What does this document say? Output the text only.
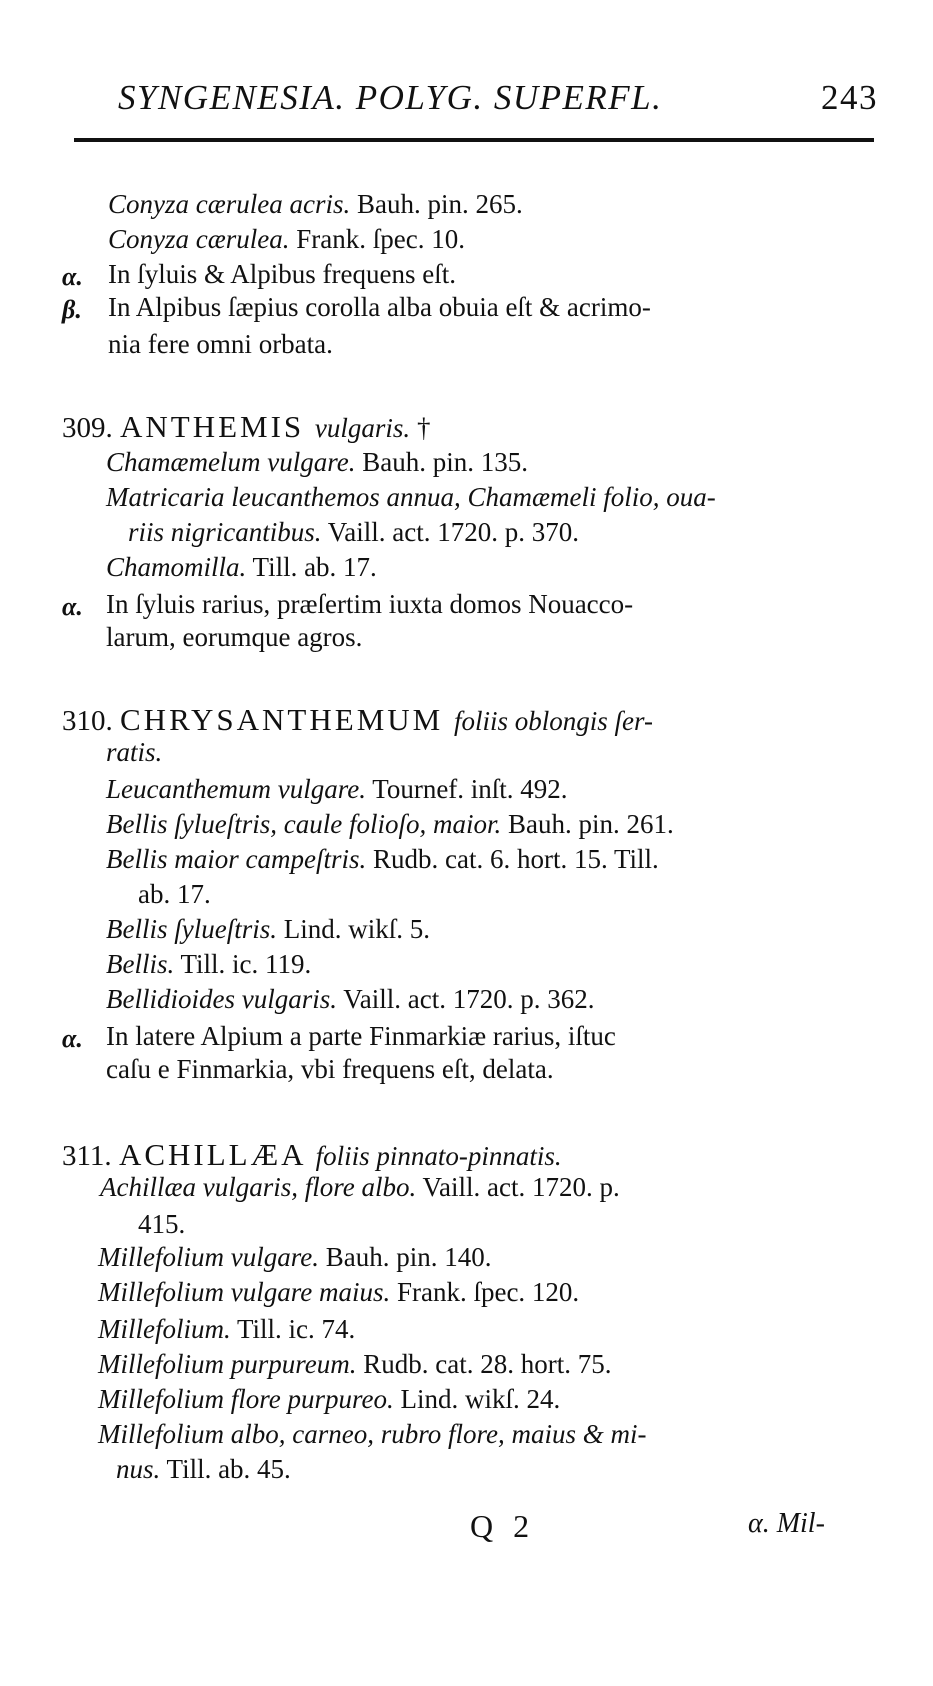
SYNGENESIA. POLYG. SUPERFL.	243
Conyza cærulea acris. Bauh. pin. 265.
Conyza cærulea. Frank. ſpec. 10.
α. In ſyluis & Alpibus frequens eſt.
β. In Alpibus ſæpius corolla alba obuia eſt & acrimo-
nia fere omni orbata.
309. ANTHEMIS vulgaris. †
Chamæmelum vulgare. Bauh. pin. 135.
Matricaria leucanthemos annua, Chamæmeli folio, oua-
riis nigricantibus. Vaill. act. 1720. p. 370.
Chamomilla. Till. ab. 17.
α. In ſyluis rarius, præſertim iuxta domos Nouacco-
larum, eorumque agros.
310. CHRYSANTHEMUM foliis oblongis ſer-
ratis.
Leucanthemum vulgare. Tournef. inſt. 492.
Bellis ſylueſtris, caule folioſo, maior. Bauh. pin. 261.
Bellis maior campeſtris. Rudb. cat. 6. hort. 15. Till.
ab. 17.
Bellis ſylueſtris. Lind. wikſ. 5.
Bellis. Till. ic. 119.
Bellidioides vulgaris. Vaill. act. 1720. p. 362.
α. In latere Alpium a parte Finmarkiæ rarius, iſtuc
caſu e Finmarkia, vbi frequens eſt, delata.
311. ACHILLÆA foliis pinnato-pinnatis.
Achillæa vulgaris, flore albo. Vaill. act. 1720. p.
415.
Millefolium vulgare. Bauh. pin. 140.
Millefolium vulgare maius. Frank. ſpec. 120.
Millefolium. Till. ic. 74.
Millefolium purpureum. Rudb. cat. 28. hort. 75.
Millefolium flore purpureo. Lind. wikſ. 24.
Millefolium albo, carneo, rubro flore, maius & mi-
nus. Till. ab. 45.
Q 2	α. Mil-
